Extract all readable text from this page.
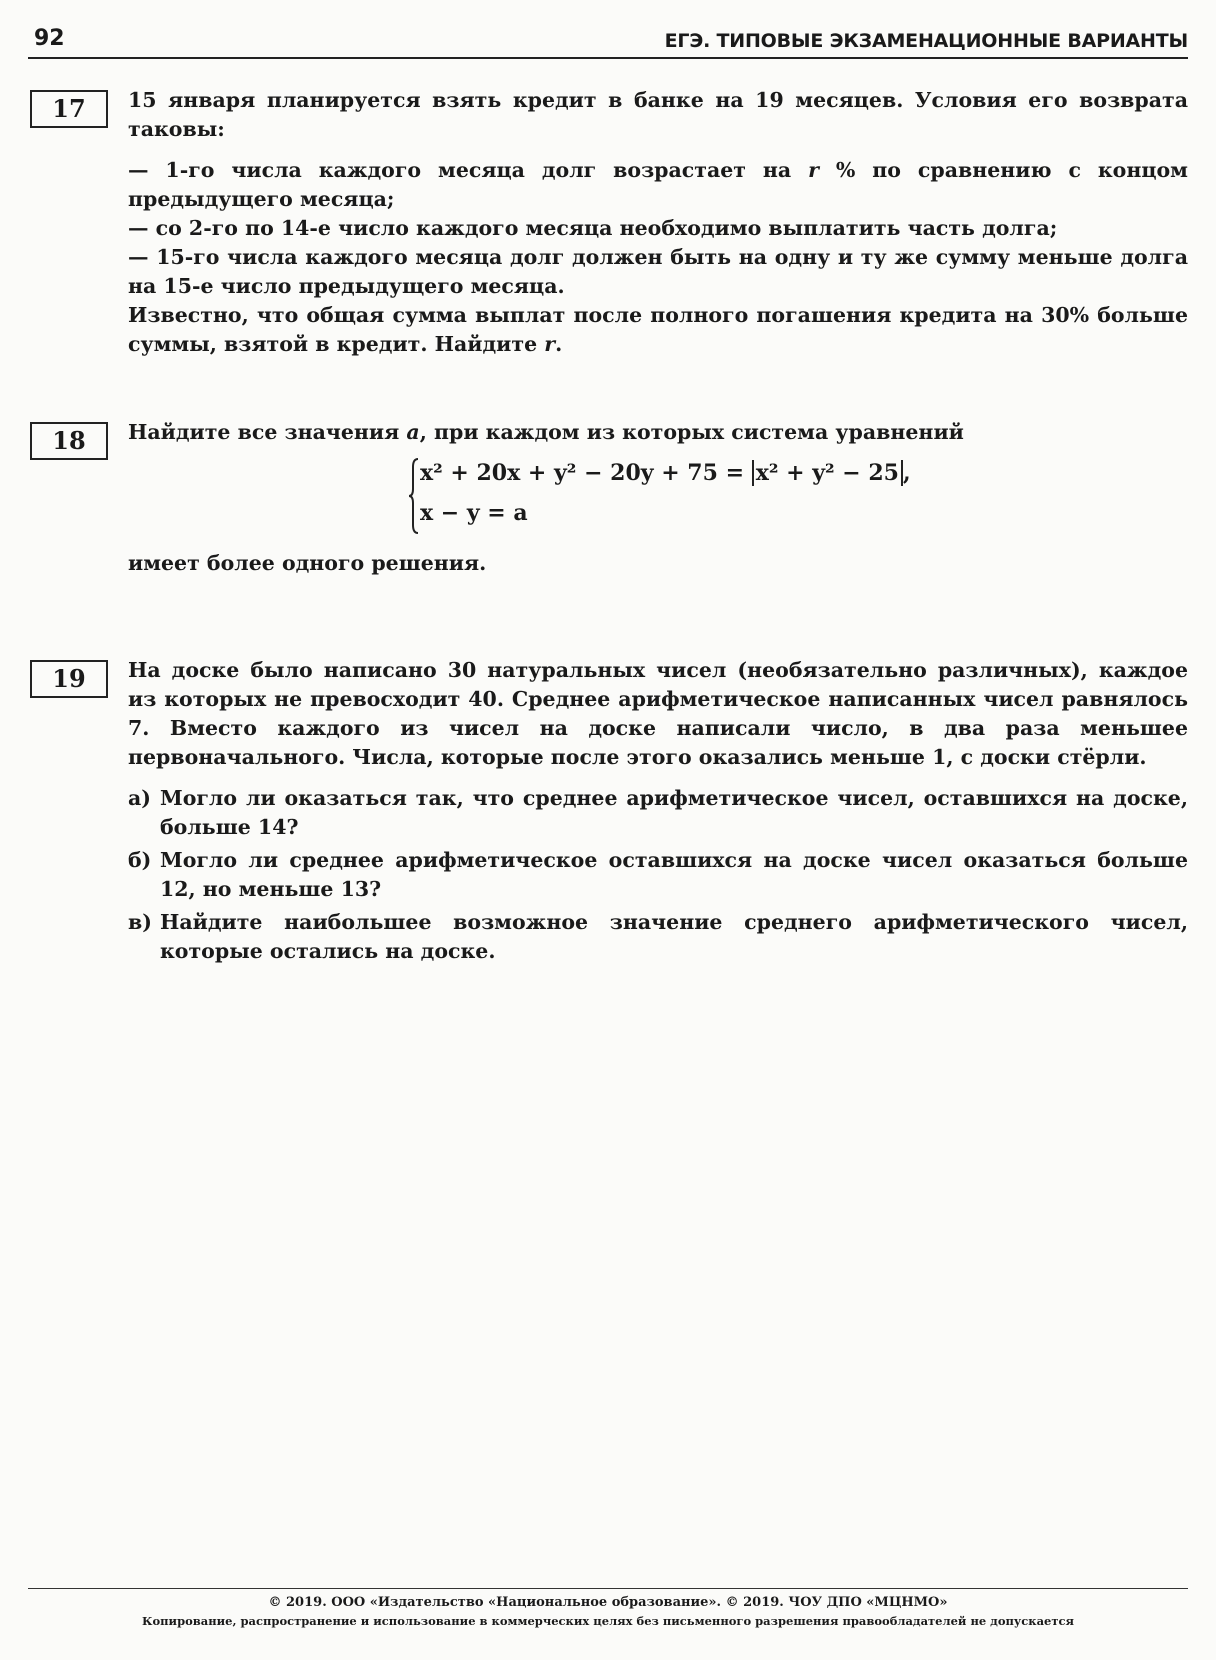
92	ЕГЭ. ТИПОВЫЕ ЭКЗАМЕНАЦИОННЫЕ ВАРИАНТЫ
17	15 января планируется взять кредит в банке на 19 месяцев. Условия его возврата таковы:

— 1-го числа каждого месяца долг возрастает на r % по сравнению с концом предыдущего месяца;

— со 2-го по 14-е число каждого месяца необходимо выплатить часть долга;

— 15-го числа каждого месяца долг должен быть на одну и ту же сумму меньше долга на 15-е число предыдущего месяца.

Известно, что общая сумма выплат после полного погашения кредита на 30% больше суммы, взятой в кредит. Найдите r.

18	Найдите все значения a, при каждом из которых система уравнений

x² + 20x + y² − 20y + 75 = x² + y² − 25 ,
x − y = a

имеет более одного решения.

19	На доске было написано 30 натуральных чисел (необязательно различных), каждое из которых не превосходит 40. Среднее арифметическое написанных чисел равнялось 7. Вместо каждого из чисел на доске написали число, в два раза меньшее первоначального. Числа, которые после этого оказались меньше 1, с доски стёрли.

а) Могло ли оказаться так, что среднее арифметическое чисел, оставшихся на доске, больше 14?
б) Могло ли среднее арифметическое оставшихся на доске чисел оказаться больше 12, но меньше 13?
в) Найдите наибольшее возможное значение среднего арифметического чисел, которые остались на доске.
© 2019. ООО «Издательство «Национальное образование». © 2019. ЧОУ ДПО «МЦНМО»
Копирование, распространение и использование в коммерческих целях без письменного разрешения правообладателей не допускается
